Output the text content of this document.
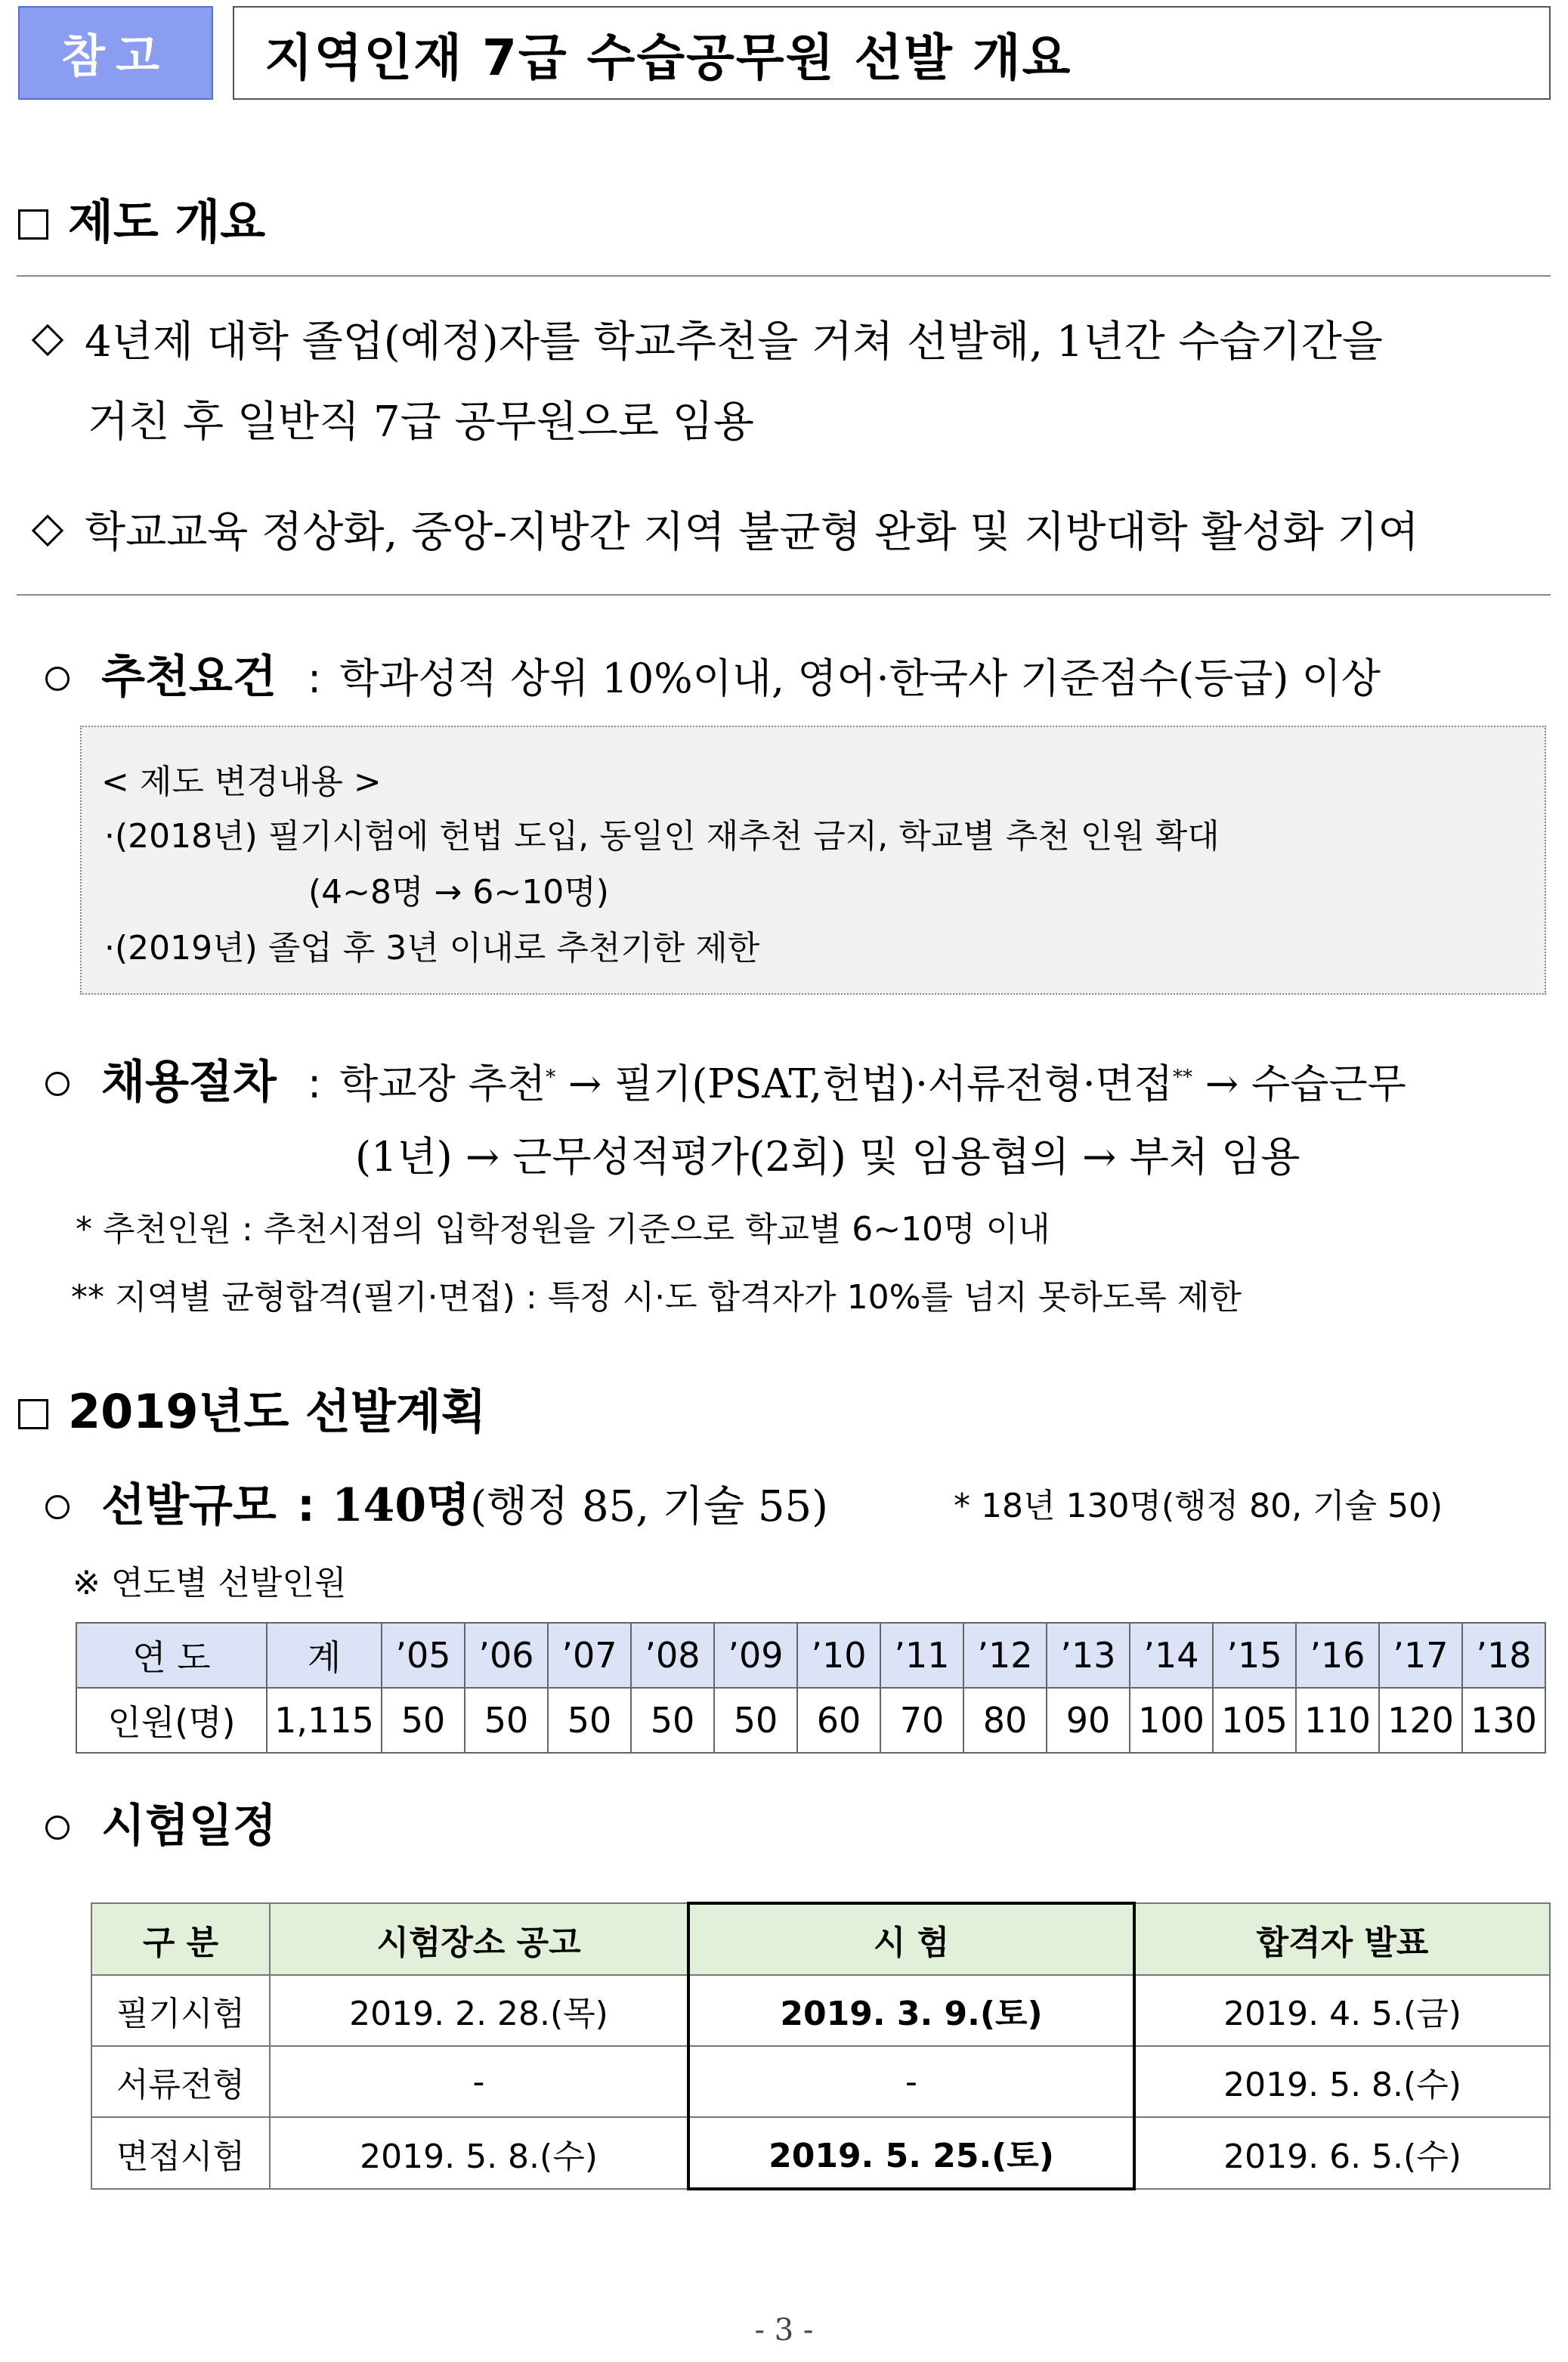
참고	지역인재 7급 수습공무원 선발 개요
제도 개요
4년제 대학 졸업(예정)자를 학교추천을 거쳐 선발해, 1년간 수습기간을
거친 후 일반직 7급 공무원으로 임용
학교교육 정상화, 중앙-지방간 지역 불균형 완화 및 지방대학 활성화 기여
추천요건 : 학과성적 상위 10%이내, 영어·한국사 기준점수(등급) 이상
< 제도 변경내용 >
·(2018년) 필기시험에 헌법 도입, 동일인 재추천 금지, 학교별 추천 인원 확대
(4~8명 → 6~10명)
·(2019년) 졸업 후 3년 이내로 추천기한 제한
채용절차 : 학교장 추천* → 필기(PSAT,헌법)·서류전형·면접** → 수습근무
(1년) → 근무성적평가(2회) 및 임용협의 → 부처 임용
* 추천인원 : 추천시점의 입학정원을 기준으로 학교별 6~10명 이내
** 지역별 균형합격(필기·면접) : 특정 시·도 합격자가 10%를 넘지 못하도록 제한
2019년도 선발계획
선발규모 : 140명(행정 85, 기술 55)	* 18년 130명(행정 80, 기술 50)
※ 연도별 선발인원
연 도	계	’05	’06	’07	’08	’09	’10	’11	’12	’13	’14	’15	’16	’17	’18
인원(명)	1,115	50	50	50	50	50	60	70	80	90	100	105	110	120	130
시험일정
구 분	시험장소 공고	시 험	합격자 발표
필기시험	2019. 2. 28.(목)	2019. 3. 9.(토)	2019. 4. 5.(금)
서류전형	-	-	2019. 5. 8.(수)
면접시험	2019. 5. 8.(수)	2019. 5. 25.(토)	2019. 6. 5.(수)
- 3 -
